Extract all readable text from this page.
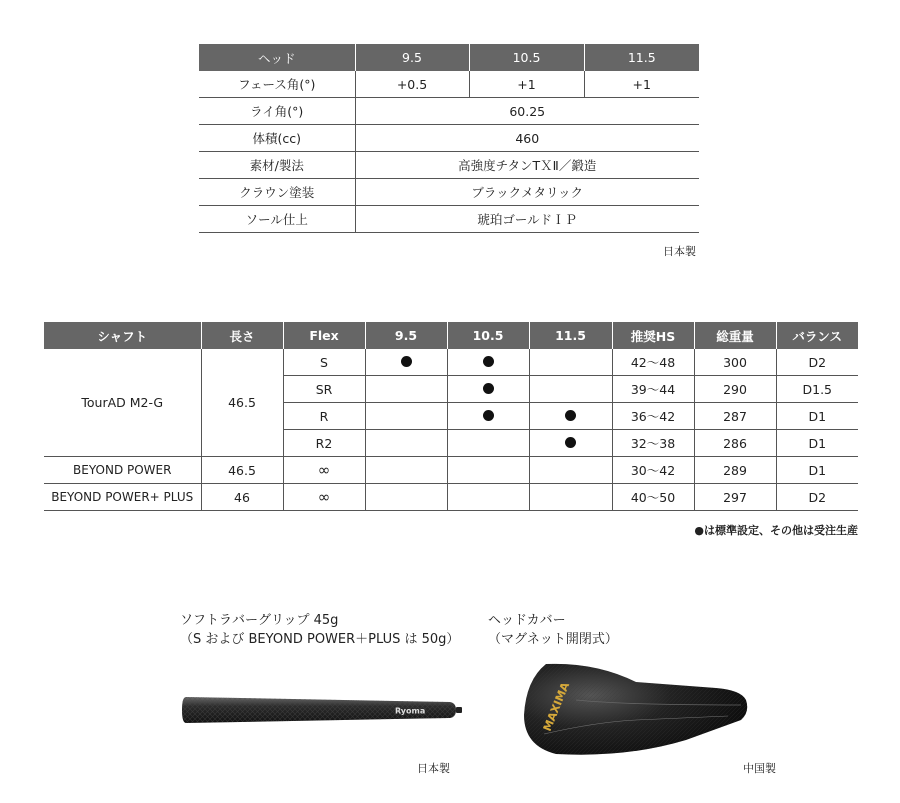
ヘッド	9.5	10.5	11.5
フェース角(°)	+0.5	+1	+1
ライ角(°)	60.25		
体積(cc)	460		
素材/製法	高強度チタンTＸⅡ／鍛造		
クラウン塗装	ブラックメタリック		
ソール仕上	琥珀ゴールドＩＰ		
日本製
シャフト	長さ	Flex	9.5	10.5	11.5	推奨HS	総重量	バランス
TourAD M2-G	46.5	S				42〜48	300	D2
		SR				39〜44	290	D1.5
		R				36〜42	287	D1
		R2				32〜38	286	D1
BEYOND POWER	46.5	∞				30〜42	289	D1
BEYOND POWER+ PLUS	46	∞				40〜50	297	D2
●は標準設定、その他は受注生産
ソフトラバーグリップ 45g
（S および BEYOND POWER＋PLUS は 50g）
Ryoma
日本製
ヘッドカバー
（マグネット開閉式）
MAXIMA
中国製
